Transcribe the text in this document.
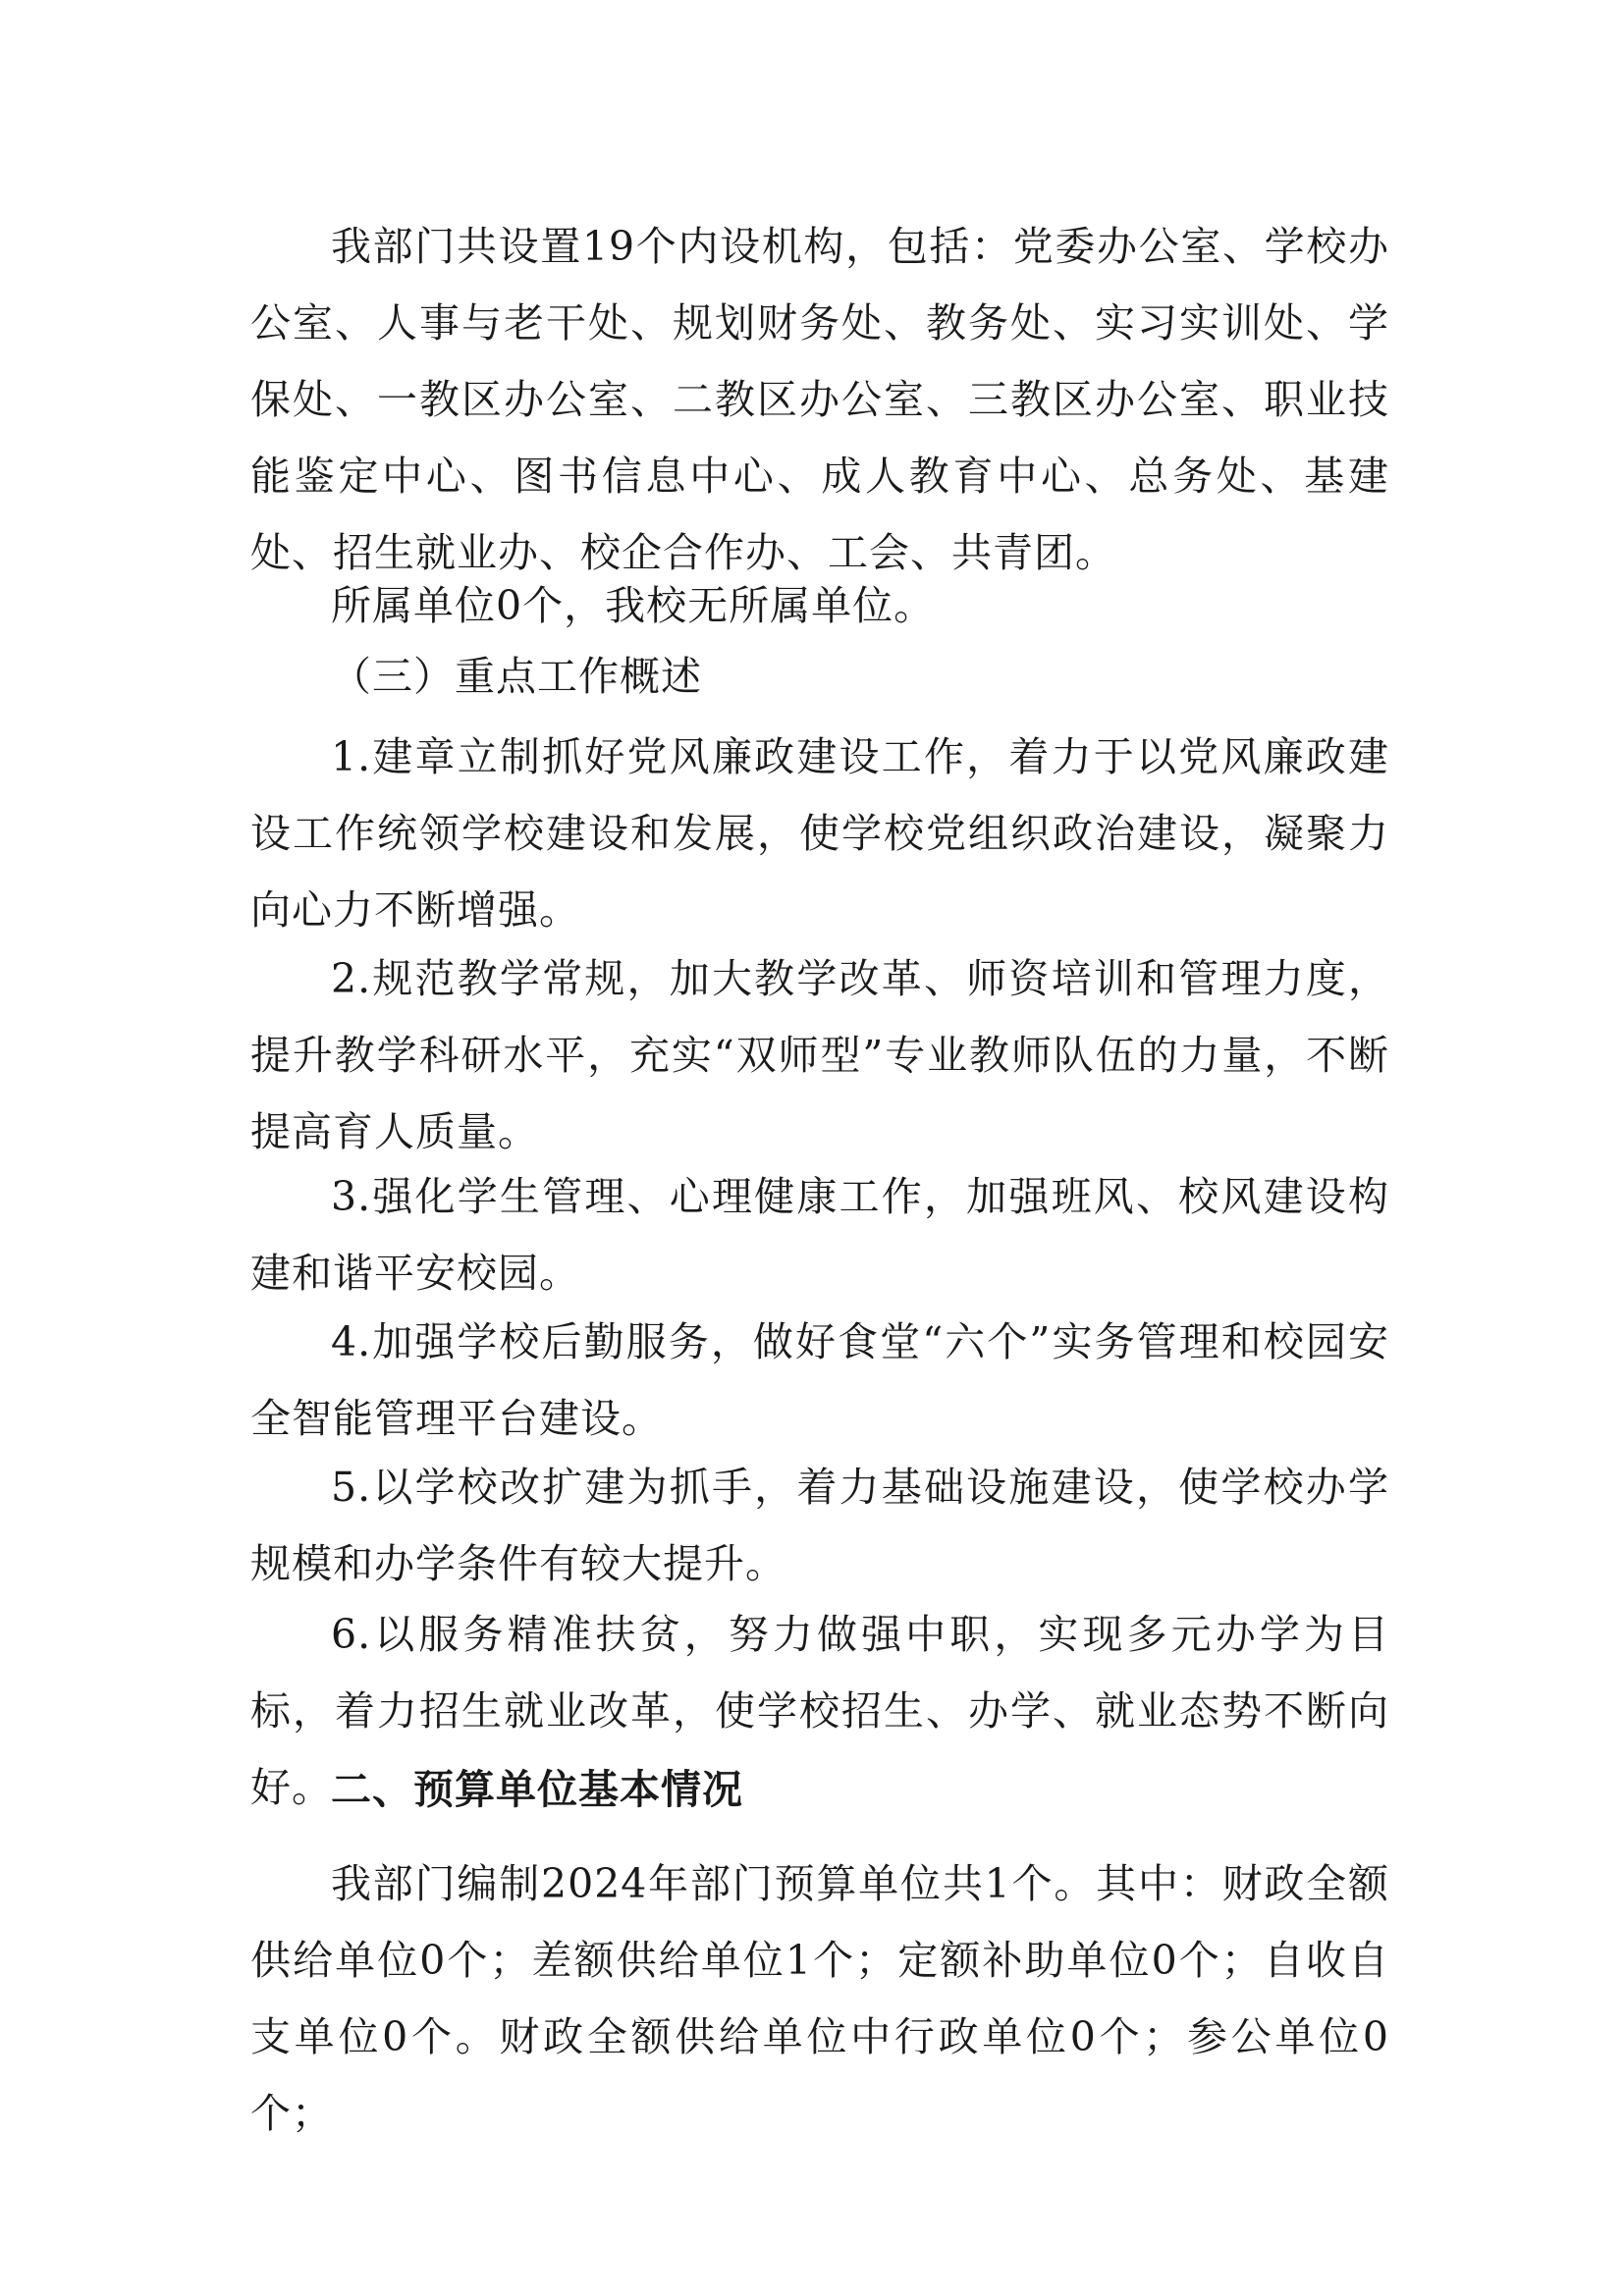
我部门共设置19个内设机构，包括：党委办公室、学校办公室、人事与老干处、规划财务处、教务处、实习实训处、学保处、一教区办公室、二教区办公室、三教区办公室、职业技能鉴定中心、图书信息中心、成人教育中心、总务处、基建处、招生就业办、校企合作办、工会、共青团。

所属单位0个，我校无所属单位。

（三）重点工作概述

1.建章立制抓好党风廉政建设工作，着力于以党风廉政建设工作统领学校建设和发展，使学校党组织政治建设，凝聚力向心力不断增强。

2.规范教学常规，加大教学改革、师资培训和管理力度，提升教学科研水平，充实“双师型”专业教师队伍的力量，不断提高育人质量。

3.强化学生管理、心理健康工作，加强班风、校风建设构建和谐平安校园。

4.加强学校后勤服务，做好食堂“六个”实务管理和校园安全智能管理平台建设。

5.以学校改扩建为抓手，着力基础设施建设，使学校办学规模和办学条件有较大提升。

6.以服务精准扶贫，努力做强中职，实现多元办学为目标，着力招生就业改革，使学校招生、办学、就业态势不断向好。

二、预算单位基本情况

我部门编制2024年部门预算单位共1个。其中：财政全额供给单位0个；差额供给单位1个；定额补助单位0个；自收自支单位0个。财政全额供给单位中行政单位0个；参公单位0个；
